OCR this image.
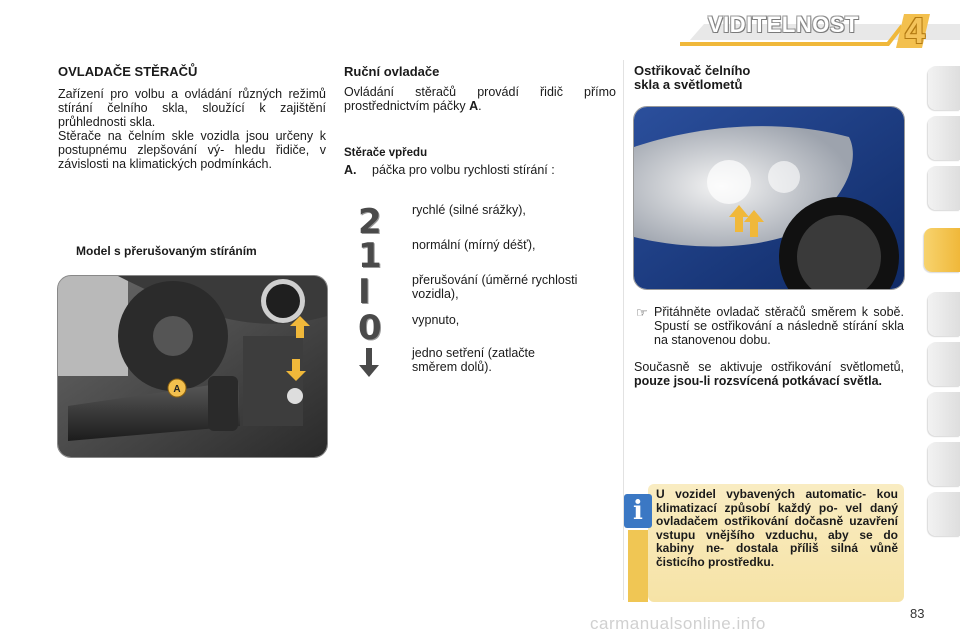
VIDITELNOST 4
OVLADAČE STĚRAČŮ

Zařízení pro volbu a ovládání různých režimů stírání čelního skla, sloužící k zajištění průhlednosti skla.

Stěrače na čelním skle vozidla jsou určeny k postupnému zlepšování vý- hledu řidiče, v závislosti na klimatických podmínkách.

Model s přerušovaným stíráním
A
Ruční ovladače

Ovládání stěračů provádí řidič přímo prostřednictvím páčky A.

Stěrače vpředu
A. páčka pro volbu rychlosti stírání :
2
1
I
0
rychlé (silné srážky),
normální (mírný déšť),
přerušování (úměrné rychlosti vozidla),
vypnuto,
jedno setření (zatlačte směrem dolů).
Ostřikovač čelního
skla a světlometů
☞ Přitáhněte ovladač stěračů směrem k sobě. Spustí se ostřikování a následně stírání skla na stanovenou dobu.

Současně se aktivuje ostřikování světlometů, pouze jsou-li rozsvícená potkávací světla.

i

U vozidel vybavených automatic- kou klimatizací způsobí každý po- vel daný ovladačem ostřikování dočasně uzavření vstupu vnějšího vzduchu, aby se do kabiny ne- dostala příliš silná vůně čisticího prostředku.

83
carmanualsonline.info
